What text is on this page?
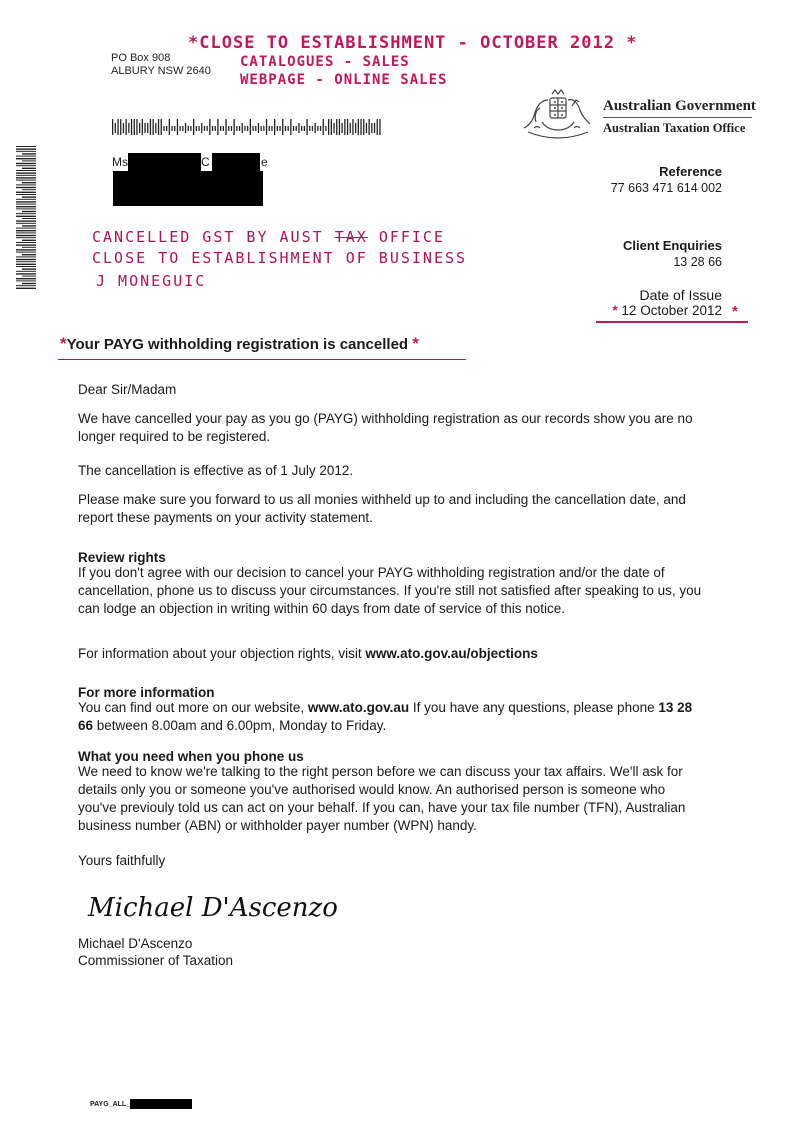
PO Box 908
ALBURY NSW 2640
*CLOSE TO ESTABLISHMENT - OCTOBER 2012 *
CATALOGUES - SALES
WEBPAGE - ONLINE SALES
Ms	C	e
Australian Government
Australian Taxation Office
Reference
77 663 471 614 002
CANCELLED GST BY AUST TAX OFFICE
CLOSE TO ESTABLISHMENT OF BUSINESS
J MONEGUIC
Client Enquiries
13 28 66
Date of Issue
* 12 October 2012 *
*Your PAYG withholding registration is cancelled *
Dear Sir/Madam
We have cancelled your pay as you go (PAYG) withholding registration as our records show you are no longer required to be registered.
The cancellation is effective as of 1 July 2012.
Please make sure you forward to us all monies withheld up to and including the cancellation date, and report these payments on your activity statement.
Review rights
If you don't agree with our decision to cancel your PAYG withholding registration and/or the date of cancellation, phone us to discuss your circumstances. If you're still not satisfied after speaking to us, you can lodge an objection in writing within 60 days from date of service of this notice.
For information about your objection rights, visit www.ato.gov.au/objections
For more information
You can find out more on our website, www.ato.gov.au If you have any questions, please phone 13 28 66 between 8.00am and 6.00pm, Monday to Friday.
What you need when you phone us
We need to know we're talking to the right person before we can discuss your tax affairs. We'll ask for details only you or someone you've authorised would know. An authorised person is someone who you've previouly told us can act on your behalf. If you can, have your tax file number (TFN), Australian business number (ABN) or withholder payer number (WPN) handy.
Yours faithfully
Michael D'Ascenzo
Michael D'Ascenzo
Commissioner of Taxation
PAYG_ALL_
